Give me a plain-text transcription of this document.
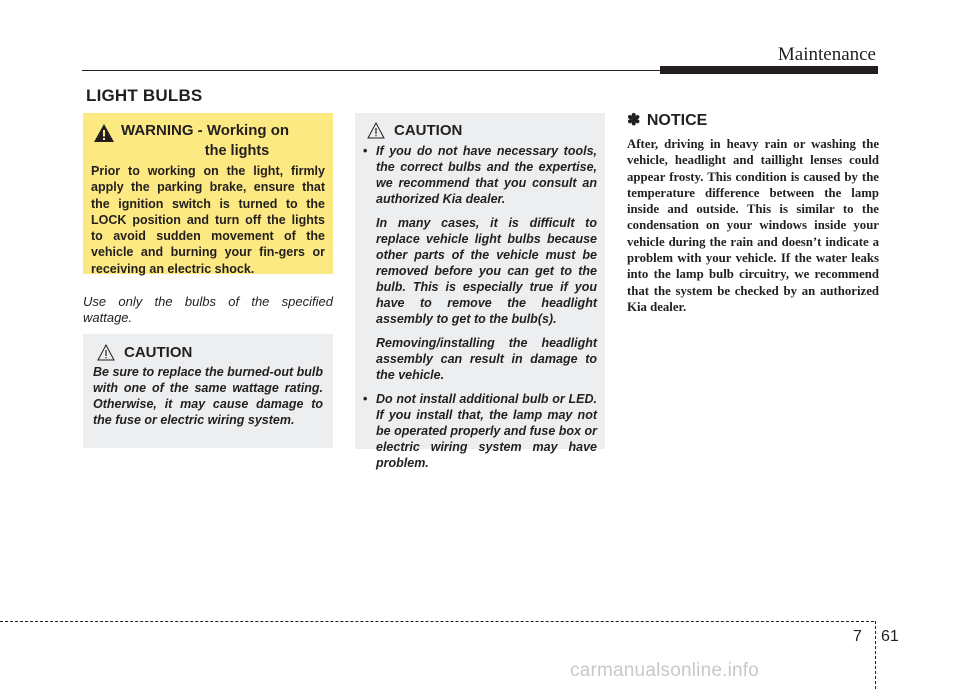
Maintenance
LIGHT BULBS
WARNING - Working on
the lights
Prior to working on the light, firmly apply the parking brake, ensure that the ignition switch is turned to the LOCK position and turn off the lights to avoid sudden movement of the vehicle and burning your fin-gers or receiving an electric shock.
Use only the bulbs of the specified wattage.
CAUTION
Be sure to replace the burned-out bulb with one of the same wattage rating. Otherwise, it may cause damage to the fuse or electric wiring system.
CAUTION

• If you do not have necessary tools, the correct bulbs and the expertise, we recommend that you consult an authorized Kia dealer.

In many cases, it is difficult to replace vehicle light bulbs because other parts of the vehicle must be removed before you can get to the bulb. This is especially true if you have to remove the headlight assembly to get to the bulb(s).

Removing/installing the headlight assembly can result in damage to the vehicle.

• Do not install additional bulb or LED. If you install that, the lamp may not be operated properly and fuse box or electric wiring system may have problem.

✽ NOTICE
After, driving in heavy rain or washing the vehicle, headlight and taillight lenses could appear frosty. This condition is caused by the temperature difference between the lamp inside and outside. This is similar to the condensation on your windows inside your vehicle during the rain and doesn’t indicate a problem with your vehicle. If the water leaks into the lamp bulb circuitry, we recommend that the system be checked by an authorized Kia dealer.
7 61
carmanualsonline.info
